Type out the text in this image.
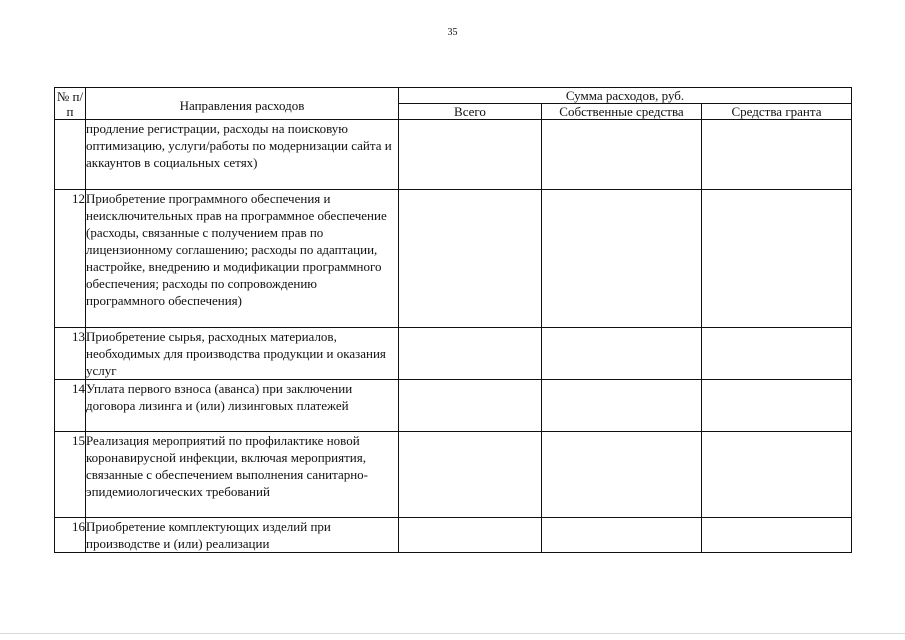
35
№ п/п	Направления расходов	Сумма расходов, руб.		
		Всего	Собственные средства	Средства гранта
	продление регистрации, расходы на поисковую оптимизацию, услуги/работы по модернизации сайта и аккаунтов в социальных сетях)			
12	Приобретение программного обеспечения и неисключительных прав на программное обеспечение (расходы, связанные с получением прав по лицензионному соглашению; расходы по адаптации, настройке, внедрению и модификации программного обеспечения; расходы по сопровождению программного обеспечения)			
13	Приобретение сырья, расходных материалов, необходимых для производства продукции и оказания услуг			
14	Уплата первого взноса (аванса) при заключении договора лизинга и (или) лизинговых платежей			
15	Реализация мероприятий по профилактике новой коронавирусной инфекции, включая мероприятия, связанные с обеспечением выполнения санитарно-эпидемиологических требований			
16	Приобретение комплектующих изделий при производстве и (или) реализации			
